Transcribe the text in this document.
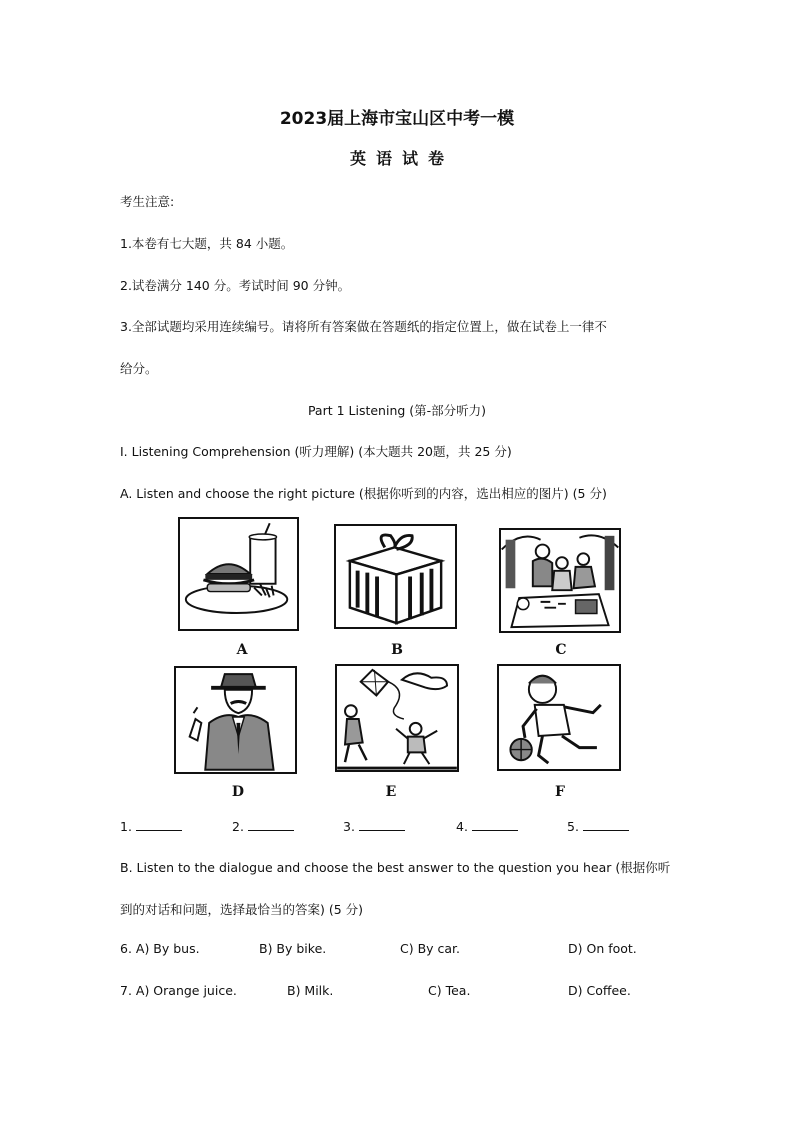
2023届上海市宝山区中考一模
英语试卷
考生注意:
1.本卷有七大题，共 84 小题。
2.试卷满分 140 分。考试时间 90 分钟。
3.全部试题均采用连续编号。请将所有答案做在答题纸的指定位置上，做在试卷上一律不
给分。
Part 1 Listening (第-部分听力)
I. Listening Comprehension (听力理解) (本大题共 20题，共 25 分)
A. Listen and choose the right picture (根据你听到的内容，选出相应的图片) (5 分)
A	B	C
D	E	F
1.	2.	3.	4.	5.
B. Listen to the dialogue and choose the best answer to the question you hear (根据你听
到的对话和问题，选择最恰当的答案) (5 分)
6. A) By bus.	B) By bike.	C) By car.	D) On foot.
7. A) Orange juice.	B) Milk.	C) Tea.	D) Coffee.
